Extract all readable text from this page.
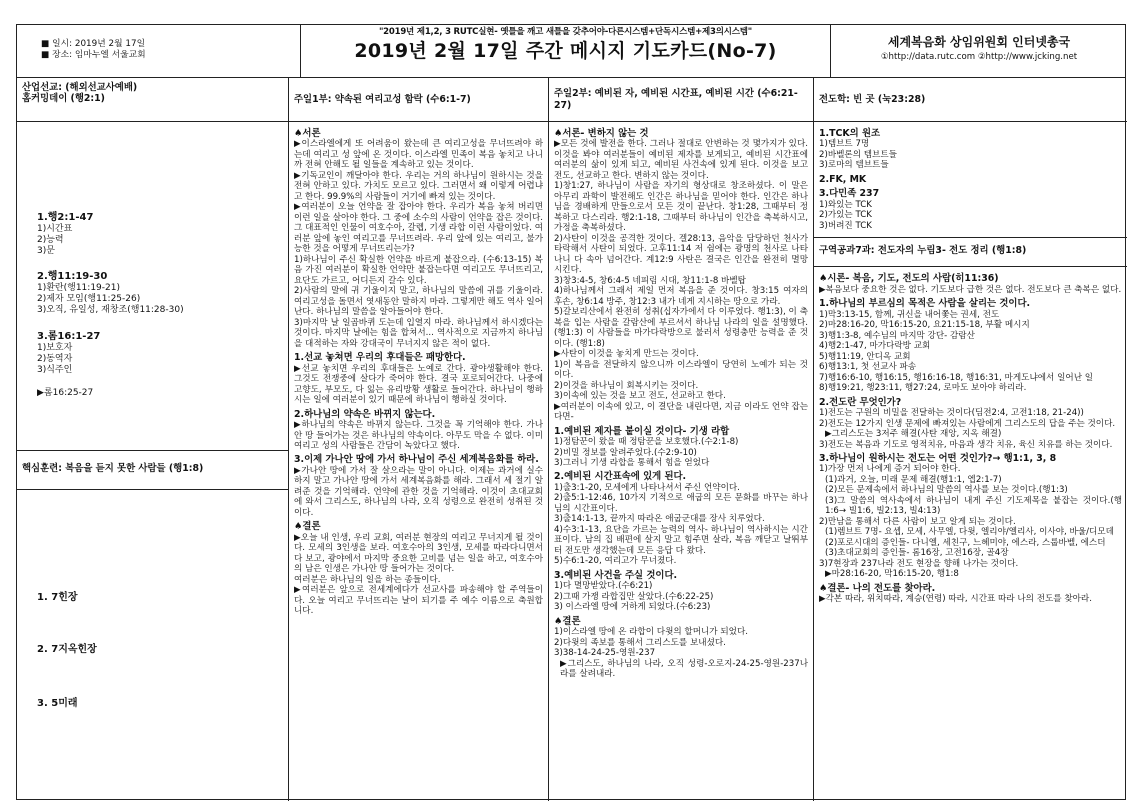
■ 일시: 2019년 2월 17일
■ 장소: 임마누엘 서울교회
"2019년 제1,2, 3 RUTC실현- 옛틀을 깨고 새틀을 갖추어야-다른시스템+단독시스템+제3의시스템"
2019년 2월 17일 주간 메시지 기도카드(No-7)	세계복음화 상임위원회 인터넷총국
①http://data.rutc.com ②http://www.jcking.net
산업선교: (해외선교사예배)
홈커밍데이 (행2:1)
1.행2:1-47
1)시간표
2)능력
3)문
2.행11:19-30
1)환란(행11:19-21)
2)제자 모임(행11:25-26)
3)오직, 유일성, 재창조(행11:28-30)
3.롬16:1-27
1)보호자
2)동역자
3)식주인
▶롬16:25-27
핵심훈련: 복음을 듣지 못한 사람들 (행1:8)
1. 7힌장
2. 7지옥힌장
3. 5미래
주일1부: 약속된 여리고성 함락 (수6:1-7)
♠서론

▶이스라엘에게 또 어려움이 왔는데 큰 여리고성을 무너뜨려야 하는데 여리고 성 앞에 온 것이다. 이스라엘 민족이 복음 놓치고 나니까 전혀 안해도 될 일들을 계속하고 있는 것이다.

▶기독교인이 깨달아야 한다. 우리는 거의 하나님이 원하시는 것을 전혀 안하고 있다. 가치도 모르고 있다. 그러면서 왜 이렇게 어렵냐고 한다. 99.9%의 사람들이 거기에 빠져 있는 것이다.

▶여러분이 오늘 언약을 잘 잡아야 한다. 우리가 복음 놓쳐 버리면 이런 일을 살아야 한다. 그 중에 소수의 사람이 언약을 잡은 것이다. 그 대표적인 인물이 여호수아, 갈렙, 기생 라합 이런 사람이었다. 여러분 앞에 놓인 여리고를 무너뜨려라. 우리 앞에 있는 여리고, 불가능한 것을 어떻게 무너뜨리는가?

1)하나님이 주신 확실한 언약을 바르게 붙잡으라. (수6:13-15) 복음 가진 여러분이 확실한 언약만 붙잡는다면 여리고도 무너뜨리고, 요단도 가르고, 어디든지 갈수 있다.

2)사람의 말에 귀 기울이지 말고, 하나님의 말씀에 귀를 기울이라. 여리고성을 돌면서 엿새동안 말하지 마라. 그렇게만 해도 역사 일어난다. 하나님의 말씀을 알아들어야 한다.

3)마지막 날 일곱바퀴 도는데 입열지 마라. 하나님께서 하시겠다는 것이다. 마지막 날에는 힘을 합쳐서... 역사적으로 지금까지 하나님을 대적하는 자와 강대국이 무너지지 않은 적이 없다.

1.선교 놓쳐면 우리의 후대들은 패망한다.

▶선교 놓치면 우리의 후대들은 노예로 간다. 광야생활해야 한다. 그것도 전쟁중에 살다가 죽어야 한다. 결국 포로되어간다. 나중에 고향도, 부모도, 다 잃는 유리방황 생활로 들어간다. 하나님이 행하시는 일에 여러분이 있기 때문에 하나님이 행하실 것이다.

2.하나님의 약속은 바뀌지 않는다.

▶하나님의 약속은 바뀌지 않는다. 그것을 꼭 기억해야 한다. 가나안 땅 들어가는 것은 하나님의 약속이다. 아무도 막을 수 없다. 이미 여리고 성의 사람들은 간담이 녹았다고 했다.

3.이제 가나안 땅에 가서 하나님이 주신 세계복음화를 하라.

▶가나안 땅에 가서 잘 살으라는 말이 아니다. 이제는 과거에 실수하지 말고 가나안 땅에 가서 세계복음화를 해라. 그래서 세 절기 알려준 것을 기억해라. 언약에 관한 것을 기억해라. 이것이 초대교회에 와서 그리스도, 하나님의 나라, 오직 성령으로 완전히 성취된 것이다.

♠결론

▶오늘 내 인생, 우리 교회, 여러분 현장의 여리고 무너지게 될 것이다. 모세의 3인생을 보라. 여호수아의 3인생, 모세를 따라다니면서 다 보고, 광야에서 마지막 중요한 고비를 넘는 일을 하고, 여호수아의 남은 인생은 가나안 땅 들어가는 것이다.

여러분은 하나님의 일을 하는 종들이다.

▶여러분은 앞으로 전세계에다가 선교사를 파송해야 할 주역들이다. 오늘 여리고 무너뜨리는 날이 되기를 주 예수 이름으로 축원합니다.

주일2부: 예비된 자, 예비된 시간표, 예비된 시간 (수6:21-27)
♠서론- 변하지 않는 것

▶모든 것에 발전을 한다. 그러나 절대로 안변하는 것 몇가지가 있다. 이것을 봐야 여러분들이 예비된 제자를 보게되고, 예비된 시간표에 여러분의 삶이 있게 되고, 예비된 사건속에 있게 된다. 이것을 보고 전도, 선교하고 한다. 변하지 않는 것이다.

1)창1:27, 하나님이 사람을 자기의 형상대로 창조하셨다. 이 말은 아무리 과학이 발전해도 인간은 하나님을 믿어야 한다. 인간은 하나님을 경배하게 만들으로서 모든 것이 끝난다. 창1:28, 그때부터 정복하고 다스리라. 행2:1-18, 그때부터 하나님이 인간을 축복하시고, 가정을 축복하셨다.

2)사탄이 이것을 공격한 것이다. 겔28:13, 음악을 담당하던 천사가 타락해서 사탄이 되었다. 고후11:14 저 쉼에는 광명의 천사로 나타나니 다 속아 넘어간다. 계12:9 사탄은 결국은 인간을 완전히 멸망시킨다.

3)창3:4-5, 창6:4-5 네피림 시대, 창11:1-8 바벨탑

4)하나님께서 그래서 제일 먼저 복음을 준 것이다. 창3:15 여자의 후손, 창6:14 방주, 창12:3 내가 네게 지시하는 땅으로 가라.

5)갈보리산에서 완전히 성취(십자가에서 다 이루었다. 행1:3), 이 축복을 입는 사람을 갈람산에 부르셔서 하나님 나라의 일을 설명했다. (행1:3) 이 사람들을 마가다락방으로 불러서 성령충만 능력을 준 것이다. (행1:8)

▶사탄이 이것을 놓치게 만드는 것이다.

1)이 복음을 전달하지 않으니까 이스라엘이 당연히 노예가 되는 것이다.

2)이것을 하나님이 회복시키는 것이다.

3)이속에 있는 것을 보고 전도, 선교하고 한다.

▶여러분이 이속에 있고, 이 결단을 내린다면, 지금 이라도 언약 잡는다면-

1.예비된 제자를 붙이실 것이다- 기생 라합

1)정탐꾼이 왔을 때 정탐꾼을 보호했다.(수2:1-8)

2)비밀 정보를 알려주었다.(수2:9-10)

3)그러니 기생 라합을 통해서 힘을 얻었다

2.예비된 시간표속에 있게 된다.

1)출3:1-20, 모세에게 나타나셔서 주신 언약이다.

2)출5:1-12:46, 10가지 기적으로 애굽의 모든 문화를 바꾸는 하나님의 시간표이다.

3)출14:1-13, 끝까지 따라온 애굽군대를 장사 치루었다.

4)수3:1-13, 요단을 가르는 능력의 역사- 하나님이 역사하시는 시간표이다. 남의 집 배편에 살지 말고 힘주면 살라, 복음 깨닫고 날뛰부터 전도만 생각했는데 모든 응답 다 왔다.

5)수6:1-20, 여리고가 무너졌다.

3.예비된 사건을 주실 것이다.

1)다 멸망받았다.(수6:21)

2)그때 가쟁 라합집만 살았다.(수6:22-25)

3) 이스라엘 땅에 거하게 되었다.(수6:23)

♠결론

1)이스라엘 땅에 온 라합이 다윗의 할머니가 되었다.

2)다윗의 족보를 통해서 그리스도를 보내셨다.

3)38-14-24-25-영원-237

▶그리스도, 하나님의 나라, 오직 성령-오로지-24-25-영원-237나라를 살려내라.

전도학: 빈 곳 (눅23:28)
1.TCK의 원조

1)템브트 7명

2)바벨론의 템브트들

3)로마의 템브트들

2.FK, MK
3.다민족 237

1)와있는 TCK

2)가있는 TCK

3)버려진 TCK

구역공과7과: 전도자의 누림3- 전도 정리 (행1:8)
♠시론- 복음, 기도, 전도의 사람(히11:36)

▶복음보다 중요한 것은 없다. 기도보다 급한 것은 없다. 전도보다 큰 축복은 없다.

1.하나님의 부르심의 목적은 사람을 살리는 것이다.

1)막3:13-15, 함께, 귀신을 내어쫓는 권세, 전도

2)마28:16-20, 막16:15-20, 요21:15-18, 부활 메시지

3)행1:3-8, 예수님의 마지막 강단- 감람산

4)행2:1-47, 마가다락방 교회

5)행11:19, 안디옥 교회

6)행13:1, 첫 선교사 파송

7)행16:6-10, 행16:15, 행16:16-18, 행16:31, 마게도냐에서 일어난 일

8)행19:21, 행23:11, 행27:24, 로마도 보아야 하리라.

2.전도란 무엇인가?

1)전도는 구원의 비밀을 전달하는 것이다(딤전2:4, 고전1:18, 21-24))

2)전도는 12가지 인생 문제에 빠져있는 사람에게 그리스도의 답을 주는 것이다.

▶그리스도는 3저주 해결(사탄 재앙, 지옥 해결)

3)전도는 복음과 기도로 영적치유, 마음과 생각 치유, 육신 치유를 하는 것이다.

3.하나님이 원하시는 전도는 어떤 것인가?→ 행1:1, 3, 8

1)가장 먼저 나에게 증거 되어야 한다.

(1)과거, 오늘, 미래 문제 해결(행1:1, 엡2:1-7)

(2)모든 문제속에서 하나님의 말씀의 역사를 보는 것이다.(행1:3)

(3)그 말씀의 역사속에서 하나님이 내게 주신 기도제목을 붙잡는 것이다.(행1:6→ 빌1:6, 빌2:13, 빌4:13)

2)만남을 통해서 다른 사람이 보고 알게 되는 것이다.

(1)렘브트 7명- 요셉, 모세, 사무엘, 다윗, 엘리야/엘리사, 이사야, 바울/디모데

(2)포로시대의 증인들- 다니엘, 세친구, 느헤미야, 에스라, 스룹바벨, 에스더

(3)초대교회의 증인들- 롬16장, 고전16장, 골4장

3)7현장과 237나라 전도 현장을 향해 나가는 것이다.

▶마28:16-20, 막16:15-20, 행1:8

♠결론- 나의 전도를 찾아라.

▶각본 따라, 위치따라, 계승(연령) 따라, 시간표 따라 나의 전도를 찾아라.
